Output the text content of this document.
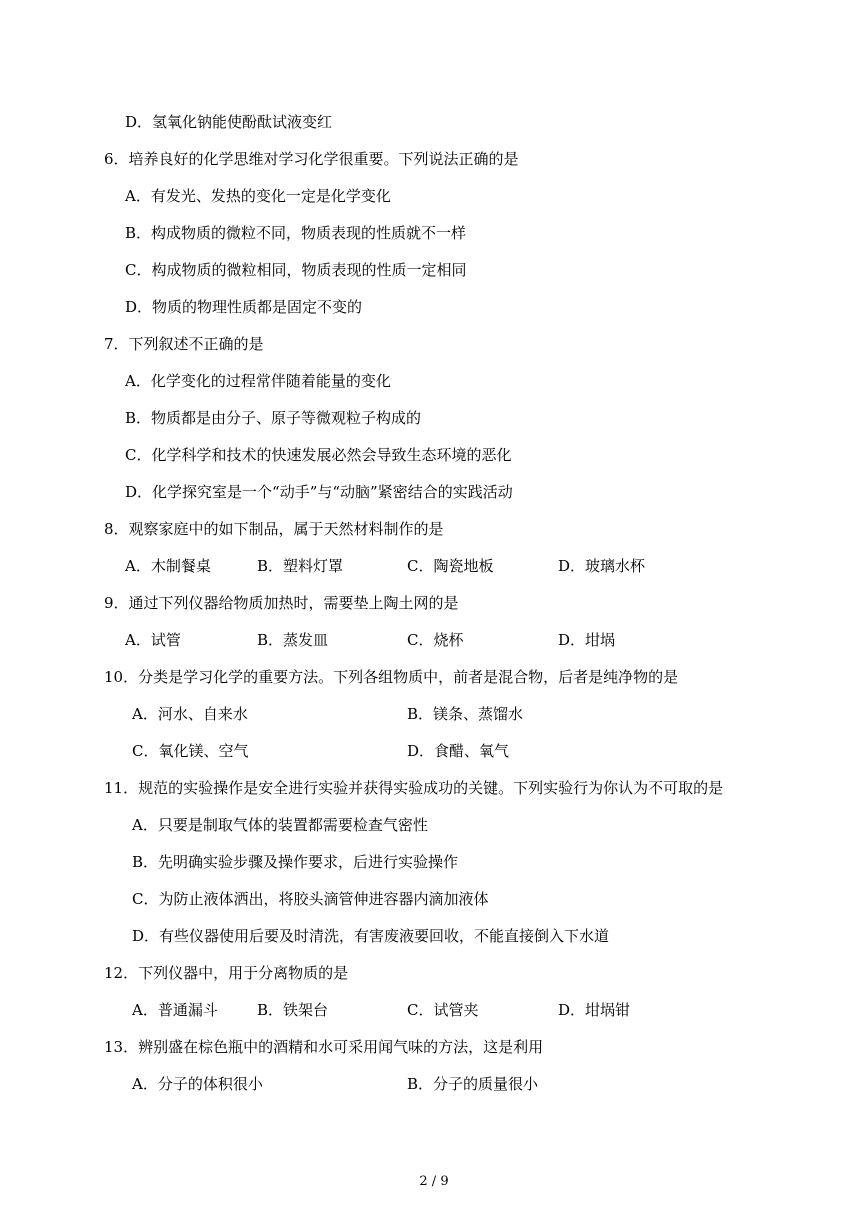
D．氢氧化钠能使酚酞试液变红
6．培养良好的化学思维对学习化学很重要。下列说法正确的是
A．有发光、发热的变化一定是化学变化
B．构成物质的微粒不同，物质表现的性质就不一样
C．构成物质的微粒相同，物质表现的性质一定相同
D．物质的物理性质都是固定不变的
7．下列叙述不正确的是
A．化学变化的过程常伴随着能量的变化
B．物质都是由分子、原子等微观粒子构成的
C．化学科学和技术的快速发展必然会导致生态环境的恶化
D．化学探究室是一个“动手”与“动脑”紧密结合的实践活动
8．观察家庭中的如下制品，属于天然材料制作的是
A．木制餐桌	B．塑料灯罩	C．陶瓷地板	D．玻璃水杯
9．通过下列仪器给物质加热时，需要垫上陶土网的是
A．试管	B．蒸发皿	C．烧杯	D．坩埚
10．分类是学习化学的重要方法。下列各组物质中，前者是混合物，后者是纯净物的是
A．河水、自来水	B．镁条、蒸馏水
C．氧化镁、空气	D．食醋、氧气
11．规范的实验操作是安全进行实验并获得实验成功的关键。下列实验行为你认为不可取的是
A．只要是制取气体的装置都需要检查气密性
B．先明确实验步骤及操作要求，后进行实验操作
C．为防止液体洒出，将胶头滴管伸进容器内滴加液体
D．有些仪器使用后要及时清洗，有害废液要回收，不能直接倒入下水道
12．下列仪器中，用于分离物质的是
A．普通漏斗	B．铁架台	C．试管夹	D．坩埚钳
13．辨别盛在棕色瓶中的酒精和水可采用闻气味的方法，这是利用
A．分子的体积很小	B．分子的质量很小
2 / 9
